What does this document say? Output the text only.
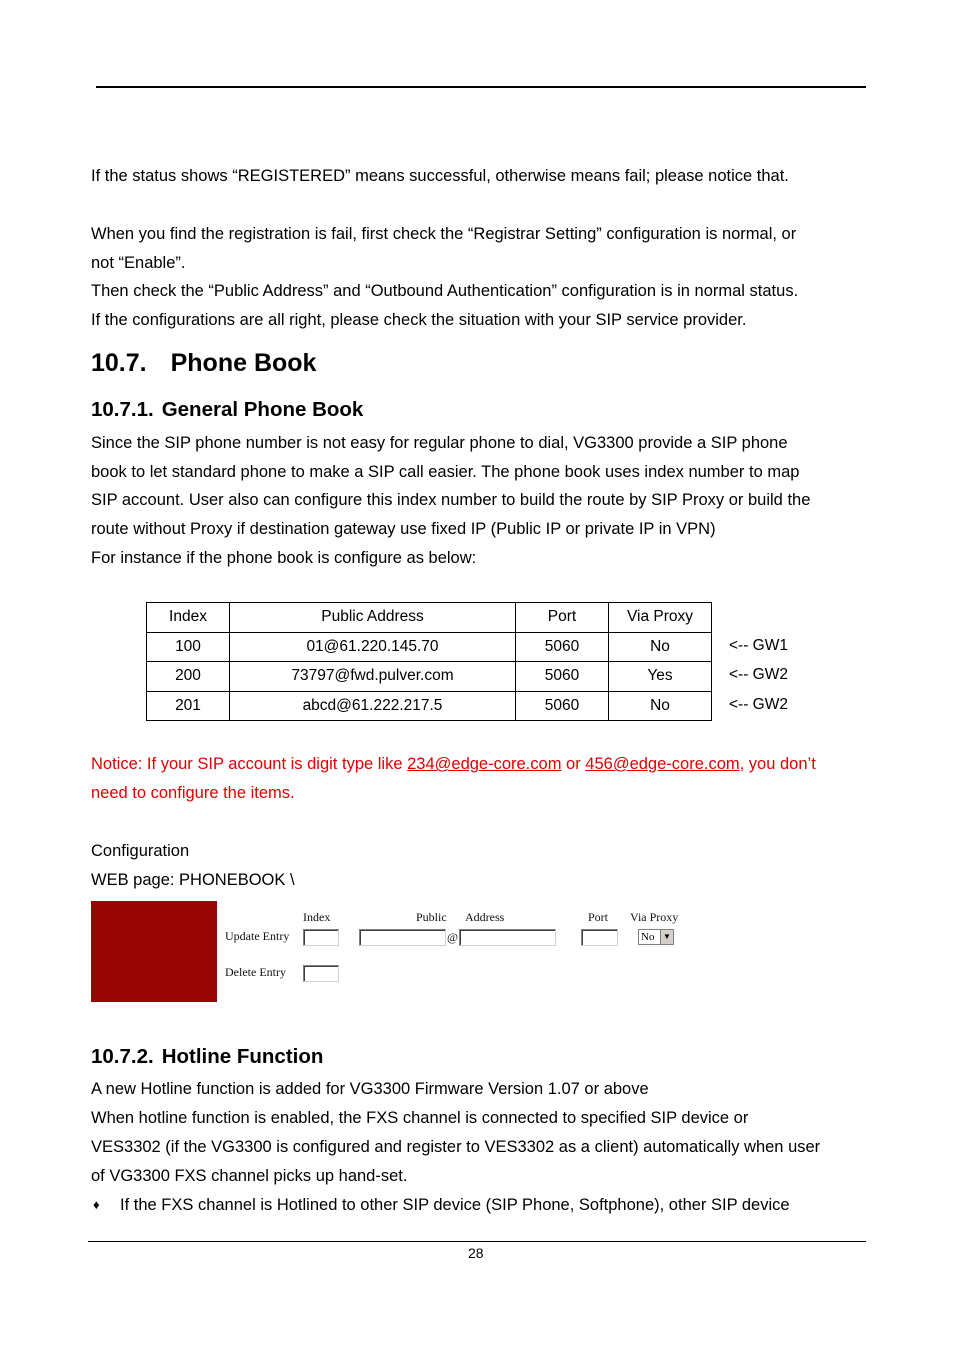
If the status shows “REGISTERED” means successful, otherwise means fail; please notice that.
When you find the registration is fail, first check the “Registrar Setting” configuration is normal, or
not “Enable”.
Then check the “Public Address” and “Outbound Authentication” configuration is in normal status.
If the configurations are all right, please check the situation with your SIP service provider.
10.7. Phone Book
10.7.1. General Phone Book
Since the SIP phone number is not easy for regular phone to dial, VG3300 provide a SIP phone
book to let standard phone to make a SIP call easier. The phone book uses index number to map
SIP account. User also can configure this index number to build the route by SIP Proxy or build the
route without Proxy if destination gateway use fixed IP (Public IP or private IP in VPN)
For instance if the phone book is configure as below:
Index	Public Address	Port	Via Proxy
100	01@61.220.145.70	5060	No
200	73797@fwd.pulver.com	5060	Yes
201	abcd@61.222.217.5	5060	No
<-- GW1
<-- GW2
<-- GW2
Notice: If your SIP account is digit type like 234@edge-core.com or 456@edge-core.com, you don’t
need to configure the items.
Configuration
WEB page: PHONEBOOK \
Index	Public Address	Port Via Proxy
Update Entry	@	No	▼
Delete Entry
10.7.2. Hotline Function
A new Hotline function is added for VG3300 Firmware Version 1.07 or above
When hotline function is enabled, the FXS channel is connected to specified SIP device or
VES3302 (if the VG3300 is configured and register to VES3302 as a client) automatically when user
of VG3300 FXS channel picks up hand-set.
♦ If the FXS channel is Hotlined to other SIP device (SIP Phone, Softphone), other SIP device
28
